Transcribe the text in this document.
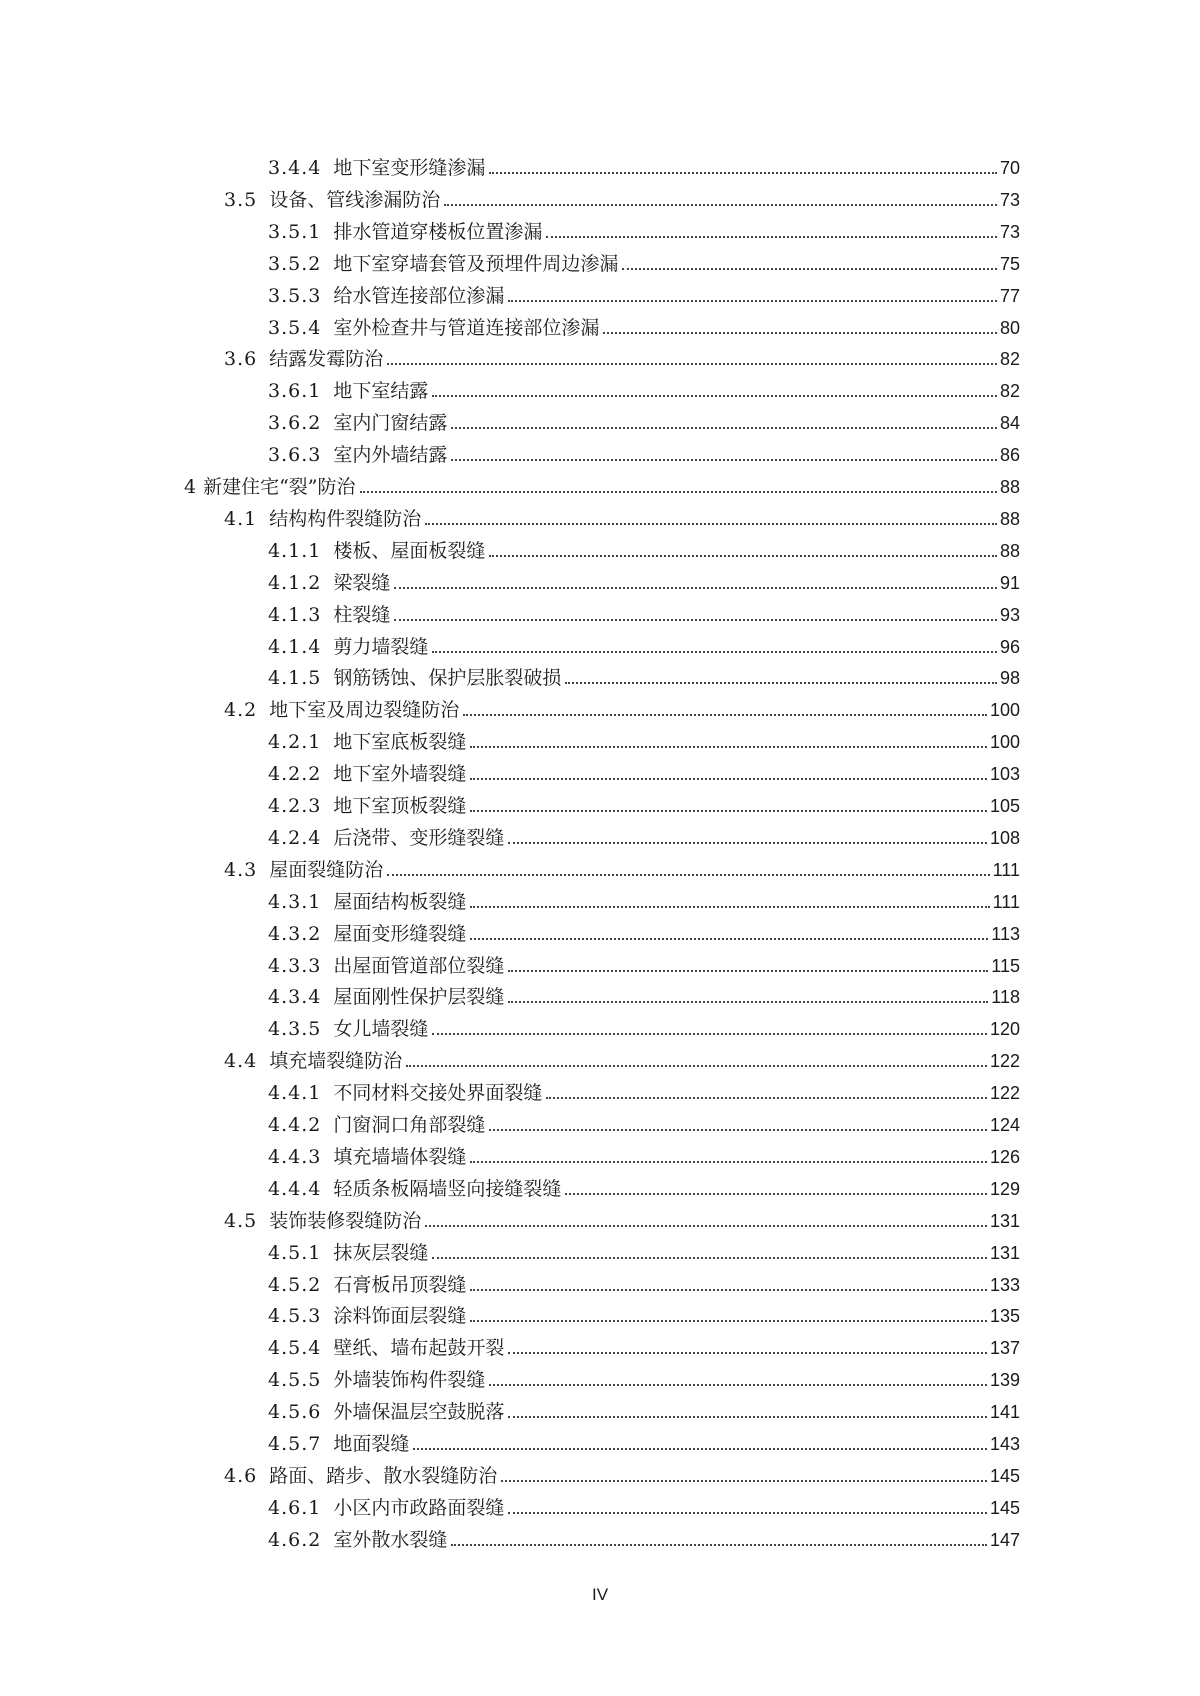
3.4.4 地下室变形缝渗漏	70
3.5 设备、管线渗漏防治	73
3.5.1 排水管道穿楼板位置渗漏	73
3.5.2 地下室穿墙套管及预埋件周边渗漏	75
3.5.3 给水管连接部位渗漏	77
3.5.4 室外检查井与管道连接部位渗漏	80
3.6 结露发霉防治	82
3.6.1 地下室结露	82
3.6.2 室内门窗结露	84
3.6.3 室内外墙结露	86
4 新建住宅“裂”防治	88
4.1 结构构件裂缝防治	88
4.1.1 楼板、屋面板裂缝	88
4.1.2 梁裂缝	91
4.1.3 柱裂缝	93
4.1.4 剪力墙裂缝	96
4.1.5 钢筋锈蚀、保护层胀裂破损	98
4.2 地下室及周边裂缝防治	100
4.2.1 地下室底板裂缝	100
4.2.2 地下室外墙裂缝	103
4.2.3 地下室顶板裂缝	105
4.2.4 后浇带、变形缝裂缝	108
4.3 屋面裂缝防治	111
4.3.1 屋面结构板裂缝	111
4.3.2 屋面变形缝裂缝	113
4.3.3 出屋面管道部位裂缝	115
4.3.4 屋面刚性保护层裂缝	118
4.3.5 女儿墙裂缝	120
4.4 填充墙裂缝防治	122
4.4.1 不同材料交接处界面裂缝	122
4.4.2 门窗洞口角部裂缝	124
4.4.3 填充墙墙体裂缝	126
4.4.4 轻质条板隔墙竖向接缝裂缝	129
4.5 装饰装修裂缝防治	131
4.5.1 抹灰层裂缝	131
4.5.2 石膏板吊顶裂缝	133
4.5.3 涂料饰面层裂缝	135
4.5.4 壁纸、墙布起鼓开裂	137
4.5.5 外墙装饰构件裂缝	139
4.5.6 外墙保温层空鼓脱落	141
4.5.7 地面裂缝	143
4.6 路面、踏步、散水裂缝防治	145
4.6.1 小区内市政路面裂缝	145
4.6.2 室外散水裂缝	147
IV
